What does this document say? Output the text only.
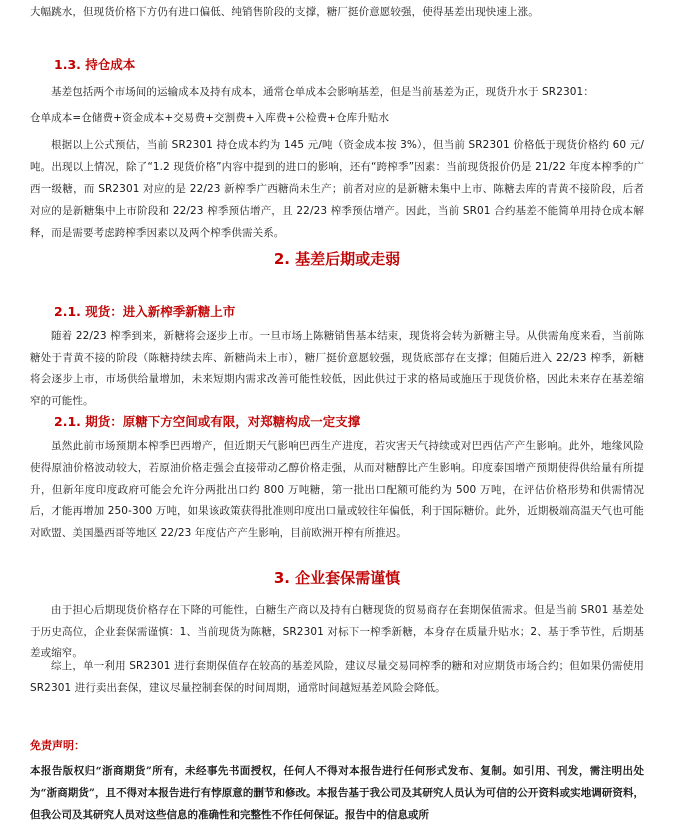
大幅跳水，但现货价格下方仍有进口偏低、纯销售阶段的支撑，糖厂挺价意愿较强，使得基差出现快速上涨。

1.3. 持仓成本

基差包括两个市场间的运输成本及持有成本，通常仓单成本会影响基差，但是当前基差为正，现货升水于 SR2301：

仓单成本=仓储费+资金成本+交易费+交割费+入库费+公检费+仓库升贴水

根据以上公式预估，当前 SR2301 持仓成本约为 145 元/吨（资金成本按 3%），但当前 SR2301 价格低于现货价格约 60 元/吨。出现以上情况，除了“1.2 现货价格”内容中提到的进口的影响，还有“跨榨季”因素：当前现货报价仍是 21/22 年度本榨季的广西一级糖，而 SR2301 对应的是 22/23 新榨季广西糖尚未生产；前者对应的是新糖未集中上市、陈糖去库的青黄不接阶段，后者对应的是新糖集中上市阶段和 22/23 榨季预估增产，且 22/23 榨季预估增产。因此，当前 SR01 合约基差不能简单用持仓成本解释，而是需要考虑跨榨季因素以及两个榨季供需关系。

2. 基差后期或走弱
2.1. 现货：进入新榨季新糖上市

随着 22/23 榨季到来，新糖将会逐步上市。一旦市场上陈糖销售基本结束，现货将会转为新糖主导。从供需角度来看，当前陈糖处于青黄不接的阶段（陈糖持续去库、新糖尚未上市），糖厂挺价意愿较强，现货底部存在支撑；但随后进入 22/23 榨季，新糖将会逐步上市，市场供给量增加，未来短期内需求改善可能性较低，因此供过于求的格局或施压于现货价格，因此未来存在基差缩窄的可能性。

2.1. 期货：原糖下方空间或有限，对郑糖构成一定支撑

虽然此前市场预期本榨季巴西增产，但近期天气影响巴西生产进度，若灾害天气持续或对巴西估产产生影响。此外，地缘风险使得原油价格波动较大，若原油价格走强会直接带动乙醇价格走强，从而对糖醇比产生影响。印度泰国增产预期使得供给量有所提升，但新年度印度政府可能会允许分两批出口约 800 万吨糖，第一批出口配额可能约为 500 万吨，在评估价格形势和供需情况后，才能再增加 250-300 万吨，如果该政策获得批准则印度出口量或较往年偏低，利于国际糖价。此外，近期极端高温天气也可能对欧盟、美国墨西哥等地区 22/23 年度估产产生影响，目前欧洲开榨有所推迟。

3. 企业套保需谨慎

由于担心后期现货价格存在下降的可能性，白糖生产商以及持有白糖现货的贸易商存在套期保值需求。但是当前 SR01 基差处于历史高位，企业套保需谨慎：1、当前现货为陈糖，SR2301 对标下一榨季新糖，本身存在质量升贴水；2、基于季节性，后期基差或缩窄。

综上，单一利用 SR2301 进行套期保值存在较高的基差风险，建议尽量交易同榨季的糖和对应期货市场合约；但如果仍需使用 SR2301 进行卖出套保，建议尽量控制套保的时间周期，通常时间越短基差风险会降低。

免责声明：

本报告版权归“浙商期货”所有，未经事先书面授权，任何人不得对本报告进行任何形式发布、复制。如引用、刊发，需注明出处为“浙商期货”，且不得对本报告进行有悖原意的删节和修改。本报告基于我公司及其研究人员认为可信的公开资料或实地调研资料，但我公司及其研究人员对这些信息的准确性和完整性不作任何保证。报告中的信息或所
